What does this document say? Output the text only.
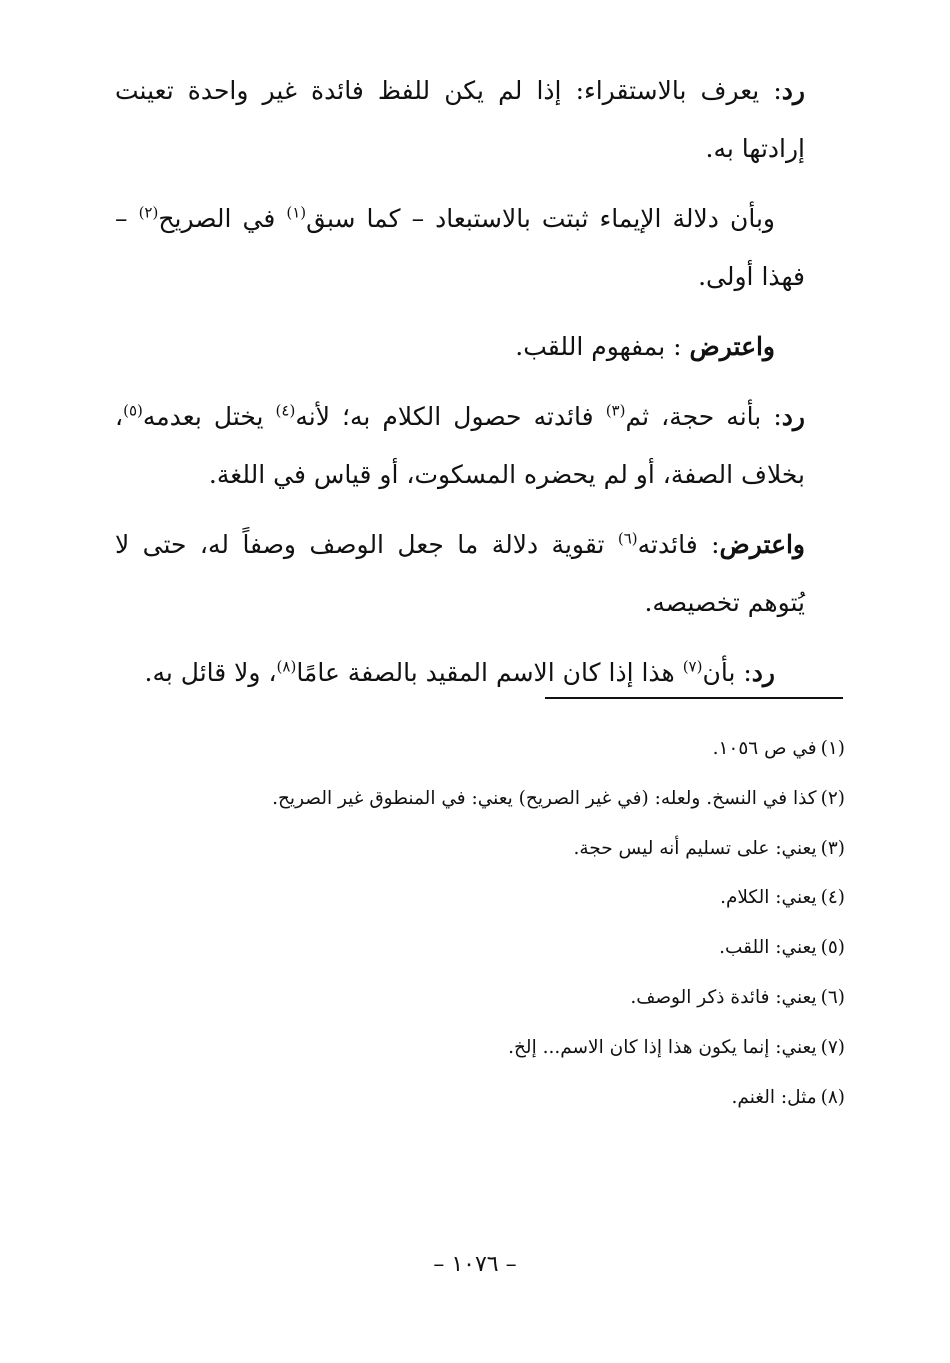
رد: يعرف بالاستقراء: إذا لم يكن للفظ فائدة غير واحدة تعينت إرادتها به.

وبأن دلالة الإيماء ثبتت بالاستبعاد – كما سبق$^{(١)}$ في الصريح$^{(٢)}$ – فهذا أولى.

واعترض : بمفهوم اللقب.

رد: بأنه حجة، ثم$^{(٣)}$ فائدته حصول الكلام به؛ لأنه$^{(٤)}$ يختل بعدمه$^{(٥)}$، بخلاف الصفة، أو لم يحضره المسكوت، أو قياس في اللغة.

واعترض: فائدته$^{(٦)}$ تقوية دلالة ما جعل الوصف وصفاً له، حتى لا يُتوهم تخصيصه.

رد: بأن$^{(٧)}$ هذا إذا كان الاسم المقيد بالصفة عامًا$^{(٨)}$، ولا قائل به.

(١)في ص ١٠٥٦.

(٢)كذا في النسخ. ولعله: (في غير الصريح) يعني: في المنطوق غير الصريح.

(٣)يعني: على تسليم أنه ليس حجة.

(٤)يعني: الكلام.

(٥)يعني: اللقب.

(٦)يعني: فائدة ذكر الوصف.

(٧)يعني: إنما يكون هذا إذا كان الاسم... إلخ.

(٨)مثل: الغنم.

– ١٠٧٦ –
